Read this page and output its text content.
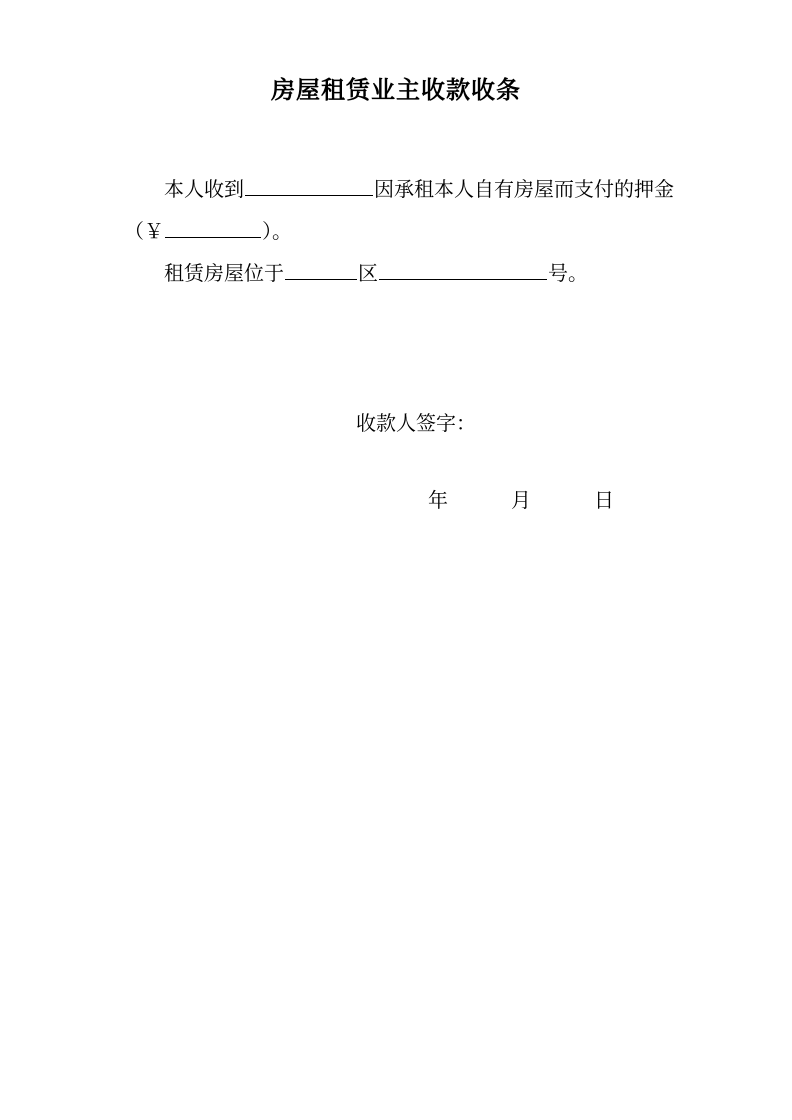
房屋租赁业主收款收条

本人收到	因承租本人自有房屋而支付的押金

（￥	）。

租赁房屋位于	区	号。

收款人签字：
年	月	日
